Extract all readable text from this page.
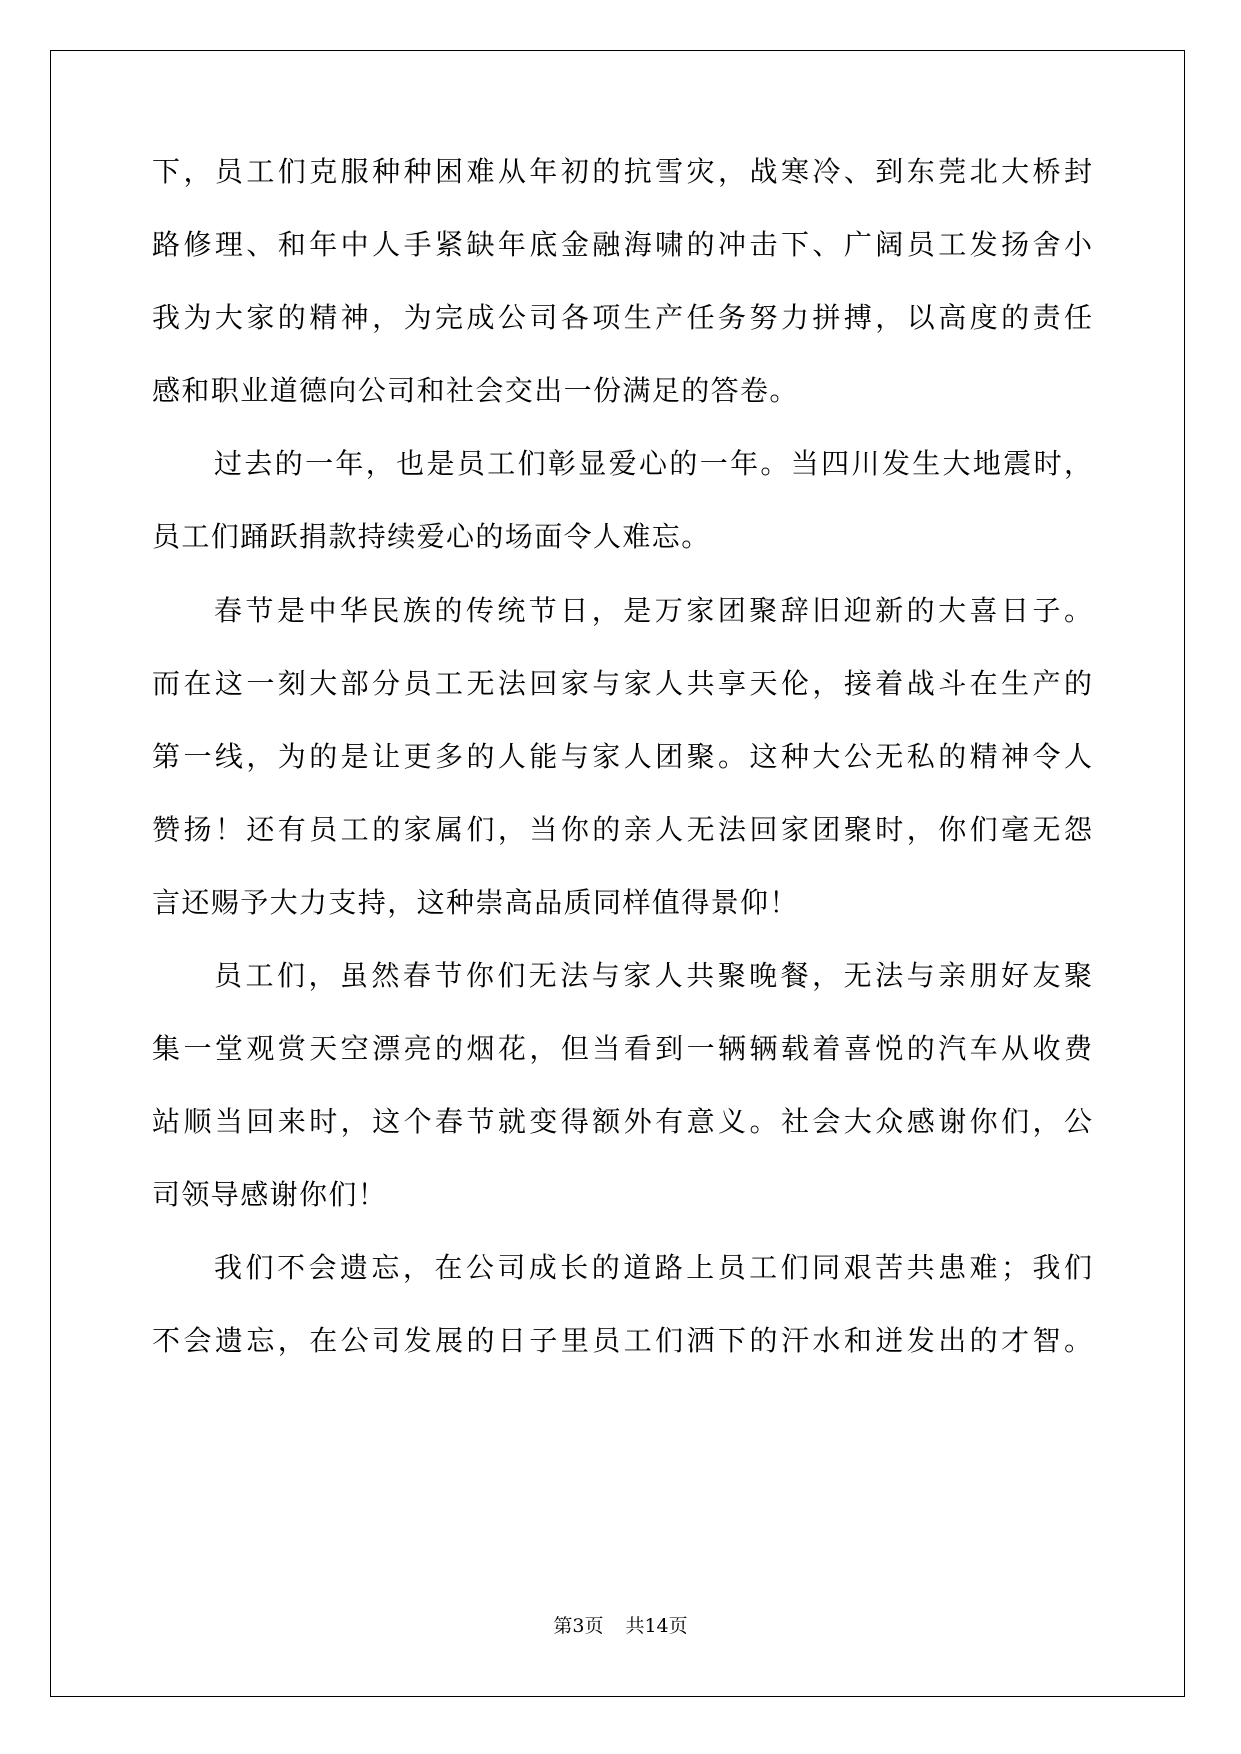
下，员工们克服种种困难从年初的抗雪灾，战寒冷、到东莞北大桥封
路修理、和年中人手紧缺年底金融海啸的冲击下、广阔员工发扬舍小
我为大家的精神，为完成公司各项生产任务努力拼搏，以高度的责任
感和职业道德向公司和社会交出一份满足的答卷。
过去的一年，也是员工们彰显爱心的一年。当四川发生大地震时，
员工们踊跃捐款持续爱心的场面令人难忘。
春节是中华民族的传统节日，是万家团聚辞旧迎新的大喜日子。
而在这一刻大部分员工无法回家与家人共享天伦，接着战斗在生产的
第一线，为的是让更多的人能与家人团聚。这种大公无私的精神令人
赞扬！还有员工的家属们，当你的亲人无法回家团聚时，你们毫无怨
言还赐予大力支持，这种崇高品质同样值得景仰！
员工们，虽然春节你们无法与家人共聚晚餐，无法与亲朋好友聚
集一堂观赏天空漂亮的烟花，但当看到一辆辆载着喜悦的汽车从收费
站顺当回来时，这个春节就变得额外有意义。社会大众感谢你们，公
司领导感谢你们！
我们不会遗忘，在公司成长的道路上员工们同艰苦共患难；我们
不会遗忘，在公司发展的日子里员工们洒下的汗水和迸发出的才智。
第3页 共14页
